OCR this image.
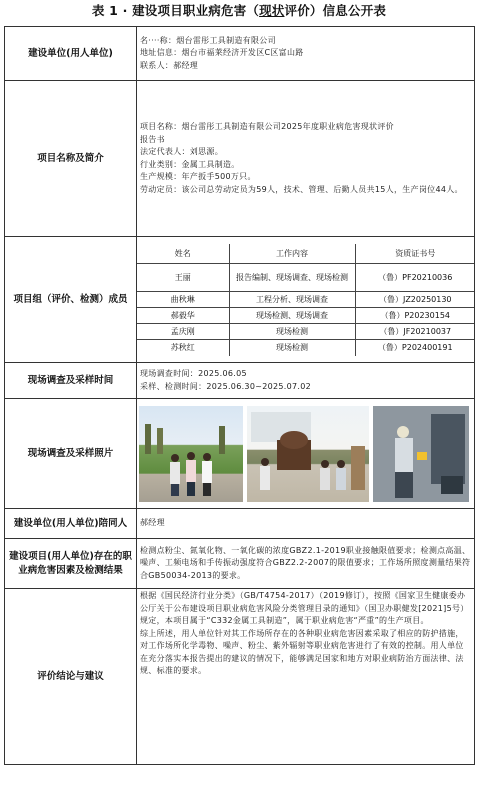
表 1 · 建设项目职业病危害（现状评价）信息公开表
建设单位(用人单位)	
名····称：烟台雷彤工具制造有限公司
地址信息：烟台市福莱经济开发区C区富山路
联系人：郝经理

项目名称及简介	
项目名称：烟台雷彤工具制造有限公司2025年度职业病危害现状评价
报告书
法定代表人：刘思源。
行业类别：金属工具制造。
生产规模：年产扳手500万只。
劳动定员：该公司总劳动定员为59人，技术、管理、后勤人员共15人，生产岗位44人。

项目组（评价、检测）成员	
姓名	工作内容	资质证书号
王丽	报告编制、现场调查、现场检测	（鲁）PF20210036
曲秋琳	工程分析、现场调查	（鲁）JZ20250130
郝毅华	现场检测、现场调查	（鲁）P20230154
孟庆刚	现场检测	（鲁）JF20210037
苏秋红	现场检测	（鲁）P202400191

现场调查及采样时间	
现场调查时间：2025.06.05
采样、检测时间：2025.06.30~2025.07.02

现场调查及采样照片	

建设单位(用人单位)陪同人	郝经理
建设项目(用人单位)存在的职业病危害因素及检测结果	检测点粉尘、氮氧化物、一氧化碳的浓度GBZ2.1-2019职业接触限值要求；检测点高温、噪声、工频电场和手传振动强度符合GBZ2.2-2007的限值要求；工作场所照度测量结果符合GB50034-2013的要求。
评价结论与建议	
根据《国民经济行业分类》（GB/T4754-2017）（2019修订），按照《国家卫生健康委办公厅关于公布建设项目职业病危害风险分类管理目录的通知》（国卫办职健发[2021]5号）规定，本项目属于“C332金属工具制造”，属于职业病危害“严重”的生产项目。
综上所述，用人单位针对其工作场所存在的各种职业病危害因素采取了相应的防护措施，对工作场所化学毒物、噪声、粉尘、紫外辐射等职业病危害进行了有效的控制。用人单位在充分落实本报告提出的建议的情况下，能够满足国家和地方对职业病防治方面法律、法规、标准的要求。
